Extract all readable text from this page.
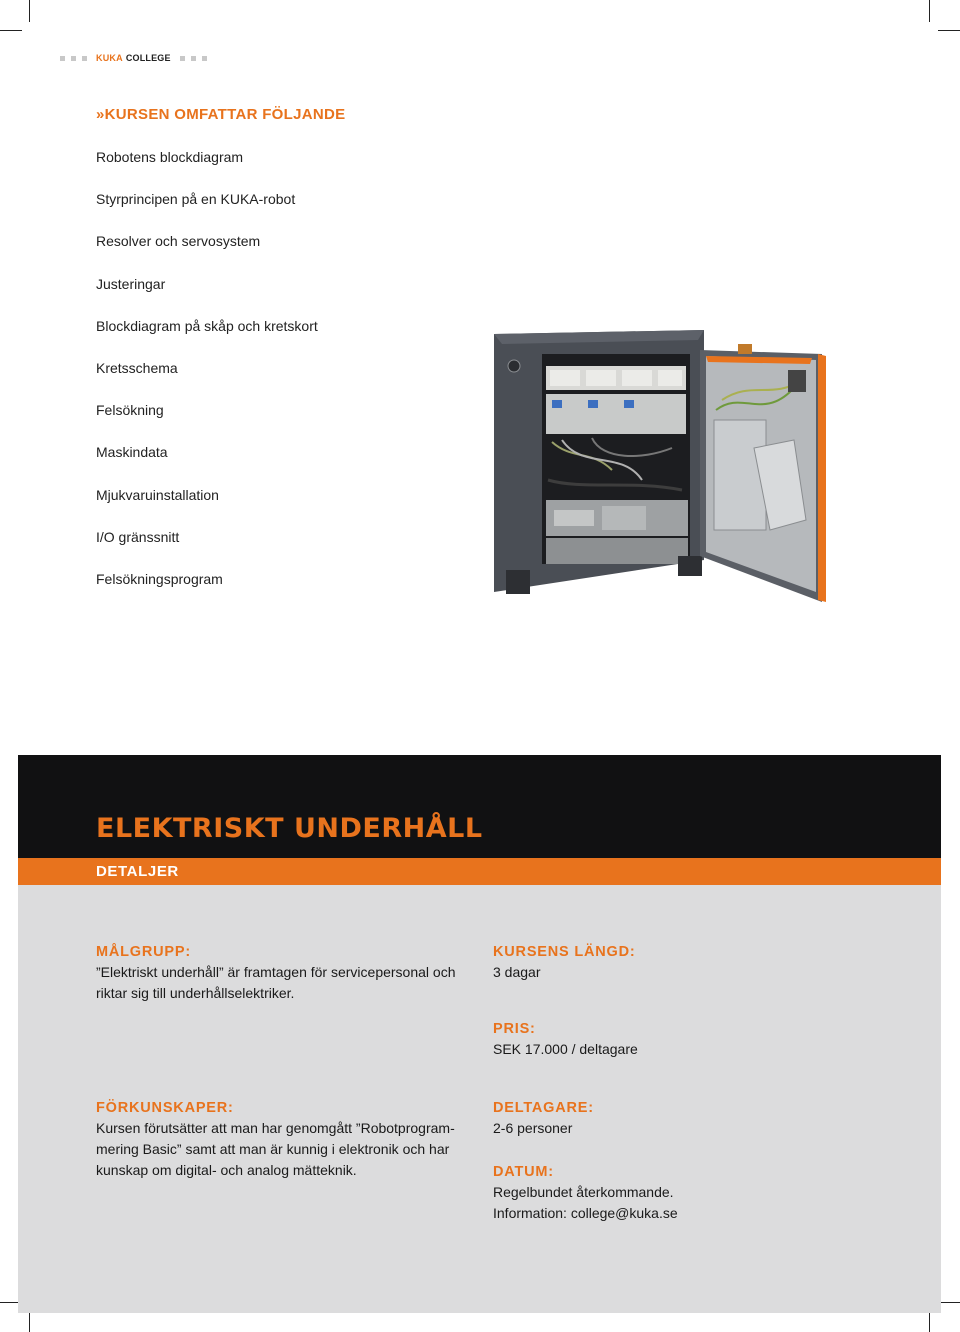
KUKA COLLEGE
»KURSEN OMFATTAR FÖLJANDE
Robotens blockdiagram
Styrprincipen på en KUKA-robot
Resolver och servosystem
Justeringar
Blockdiagram på skåp och kretskort
Kretsschema
Felsökning
Maskindata
Mjukvaruinstallation
I/O gränssnitt
Felsökningsprogram
ELEKTRISKT UNDERHÅLL
DETALJER
MÅLGRUPP:
”Elektriskt underhåll” är framtagen för servicepersonal och
riktar sig till underhållselektriker.
FÖRKUNSKAPER:
Kursen förutsätter att man har genomgått ”Robotprogram-
mering Basic” samt att man är kunnig i elektronik och har
kunskap om digital- och analog mätteknik.
KURSENS LÄNGD:
3 dagar
PRIS:
SEK 17.000 / deltagare
DELTAGARE:
2-6 personer
DATUM:
Regelbundet återkommande.
Information: college@kuka.se
